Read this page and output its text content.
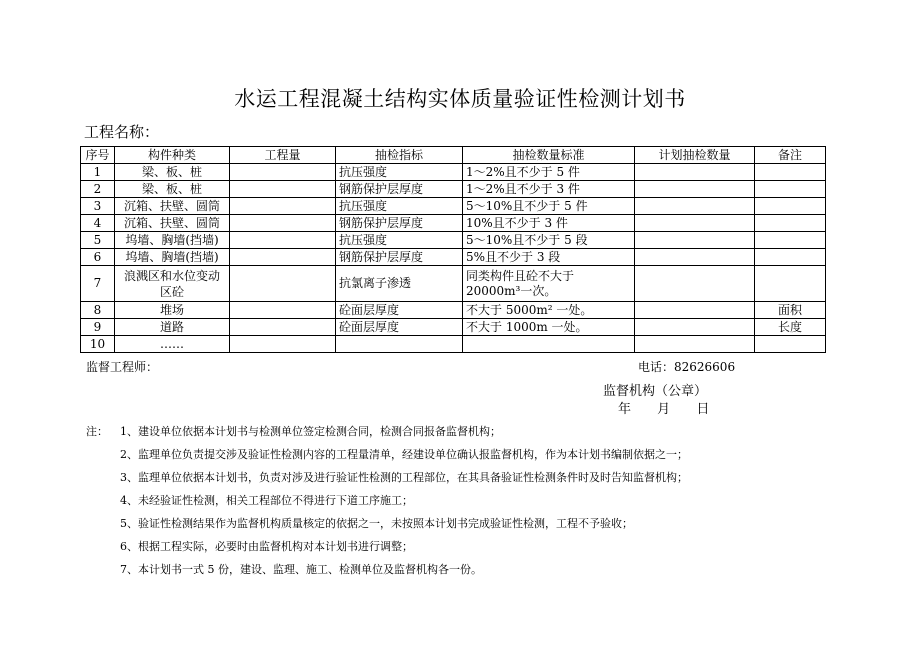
水运工程混凝土结构实体质量验证性检测计划书
工程名称：
序号	构件种类	工程量	抽检指标	抽检数量标准	计划抽检数量	备注
1	梁、板、桩		抗压强度	1～2%且不少于 5 件		
2	梁、板、桩		钢筋保护层厚度	1～2%且不少于 3 件		
3	沉箱、扶壁、圆筒		抗压强度	5～10%且不少于 5 件		
4	沉箱、扶壁、圆筒		钢筋保护层厚度	10%且不少于 3 件		
5	坞墙、胸墙(挡墙)		抗压强度	5～10%且不少于 5 段		
6	坞墙、胸墙(挡墙)		钢筋保护层厚度	5%且不少于 3 段		
7	浪溅区和水位变动区砼		抗氯离子渗透	同类构件且砼不大于20000m³一次。		
8	堆场		砼面层厚度	不大于 5000m² 一处。		面积
9	道路		砼面层厚度	不大于 1000m 一处。		长度
10	……					
监督工程师：	电话：82626606
监督机构（公章）
年 月 日
注： 1、建设单位依据本计划书与检测单位签定检测合同，检测合同报备监督机构；
2、监理单位负责提交涉及验证性检测内容的工程量清单，经建设单位确认报监督机构，作为本计划书编制依据之一；
3、监理单位依据本计划书，负责对涉及进行验证性检测的工程部位，在其具备验证性检测条件时及时告知监督机构；
4、未经验证性检测，相关工程部位不得进行下道工序施工；
5、验证性检测结果作为监督机构质量核定的依据之一，未按照本计划书完成验证性检测，工程不予验收；
6、根据工程实际，必要时由监督机构对本计划书进行调整；
7、本计划书一式 5 份，建设、监理、施工、检测单位及监督机构各一份。
